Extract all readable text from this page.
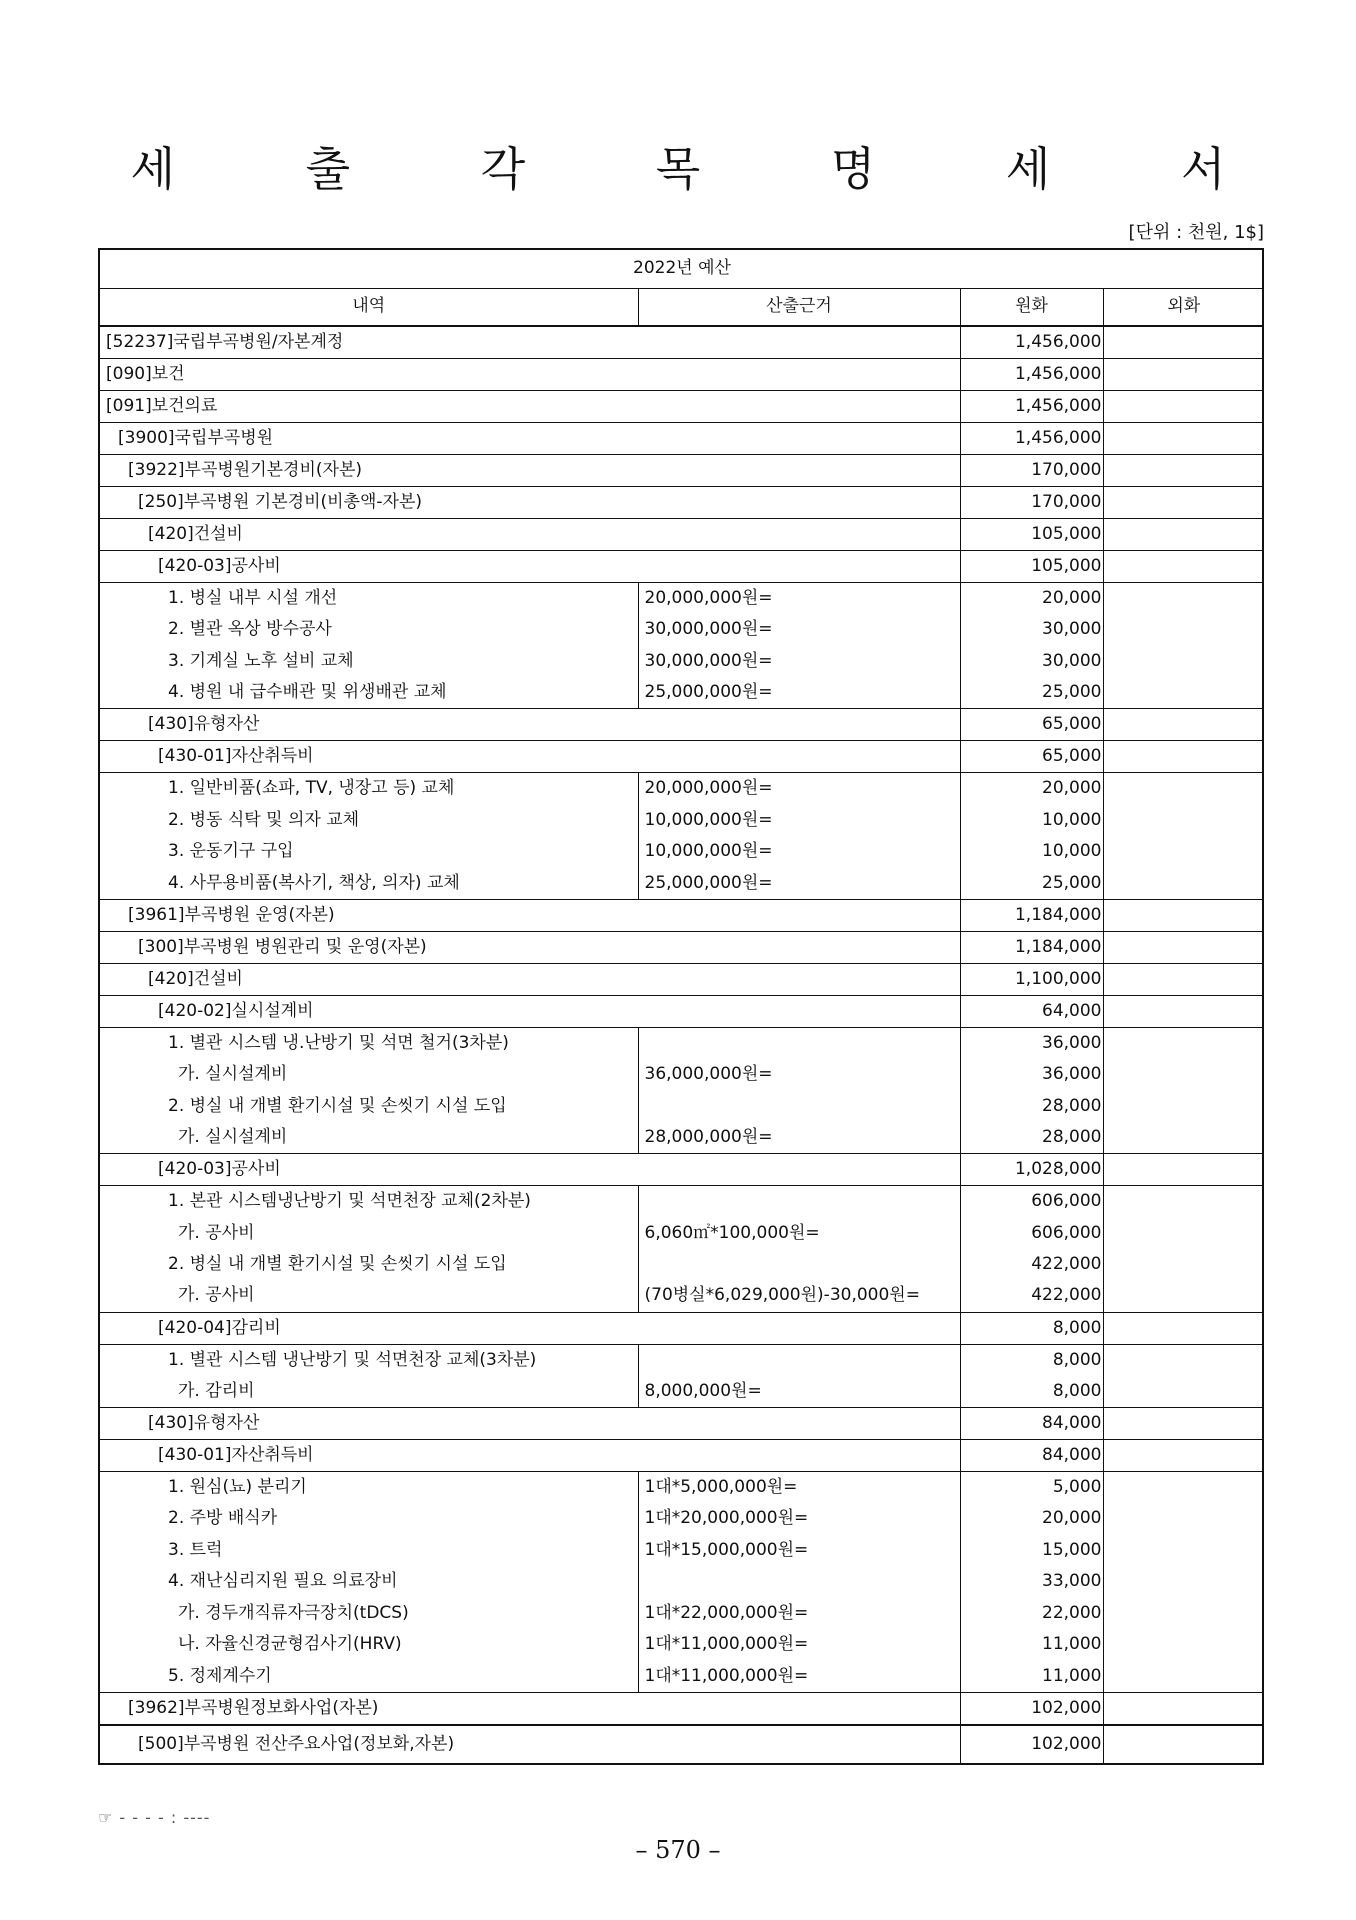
세 출 각 목 명 세 서
[단위 : 천원, 1$]
2022년 예산			
내역	산출근거	원화	외화
[52237]국립부곡병원/자본계정		1,456,000	
[090]보건		1,456,000	
[091]보건의료		1,456,000	
[3900]국립부곡병원		1,456,000	
[3922]부곡병원기본경비(자본)		170,000	
[250]부곡병원 기본경비(비총액-자본)		170,000	
[420]건설비		105,000	
[420-03]공사비		105,000	
1. 병실 내부 시설 개선	20,000,000원=	20,000	
2. 별관 옥상 방수공사	30,000,000원=	30,000	
3. 기계실 노후 설비 교체	30,000,000원=	30,000	
4. 병원 내 급수배관 및 위생배관 교체	25,000,000원=	25,000	
[430]유형자산		65,000	
[430-01]자산취득비		65,000	
1. 일반비품(쇼파, TV, 냉장고 등) 교체	20,000,000원=	20,000	
2. 병동 식탁 및 의자 교체	10,000,000원=	10,000	
3. 운동기구 구입	10,000,000원=	10,000	
4. 사무용비품(복사기, 책상, 의자) 교체	25,000,000원=	25,000	
[3961]부곡병원 운영(자본)		1,184,000	
[300]부곡병원 병원관리 및 운영(자본)		1,184,000	
[420]건설비		1,100,000	
[420-02]실시설계비		64,000	
1. 별관 시스템 냉.난방기 및 석면 철거(3차분)		36,000	
가. 실시설계비	36,000,000원=	36,000	
2. 병실 내 개별 환기시설 및 손씻기 시설 도입		28,000	
가. 실시설계비	28,000,000원=	28,000	
[420-03]공사비		1,028,000	
1. 본관 시스템냉난방기 및 석면천장 교체(2차분)		606,000	
가. 공사비	6,060㎡*100,000원=	606,000	
2. 병실 내 개별 환기시설 및 손씻기 시설 도입		422,000	
가. 공사비	(70병실*6,029,000원)-30,000원=	422,000	
[420-04]감리비		8,000	
1. 별관 시스템 냉난방기 및 석면천장 교체(3차분)		8,000	
가. 감리비	8,000,000원=	8,000	
[430]유형자산		84,000	
[430-01]자산취득비		84,000	
1. 원심(뇨) 분리기	1대*5,000,000원=	5,000	
2. 주방 배식카	1대*20,000,000원=	20,000	
3. 트럭	1대*15,000,000원=	15,000	
4. 재난심리지원 필요 의료장비		33,000	
가. 경두개직류자극장치(tDCS)	1대*22,000,000원=	22,000	
나. 자율신경균형검사기(HRV)	1대*11,000,000원=	11,000	
5. 정제계수기	1대*11,000,000원=	11,000	
[3962]부곡병원정보화사업(자본)		102,000	
[500]부곡병원 전산주요사업(정보화,자본)		102,000	
☞ - - - - : ----
– 570 –
